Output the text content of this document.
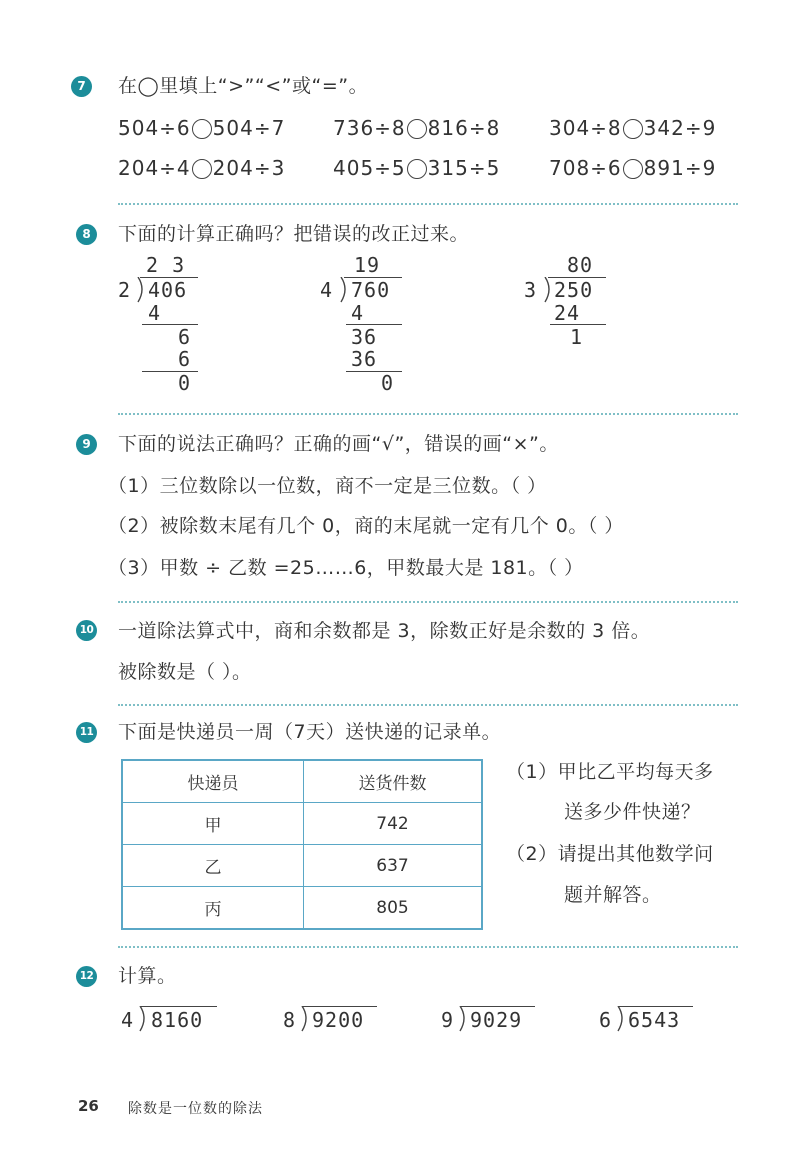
7	在◯里填上“>”“<”或“=”。
504÷6 504÷7 736÷8 816÷8 304÷8 342÷9
204÷4 204÷3 405÷5 315÷5 708÷6 891÷9
8	下面的计算正确吗？把错误的改正过来。
2 3
2 406
4
6
6
0
19
4 760
4
36
36
0
80
3 250
24
1
9	下面的说法正确吗？正确的画“√”，错误的画“×”。
（1）三位数除以一位数，商不一定是三位数。（ ）
（2）被除数末尾有几个 0，商的末尾就一定有几个 0。（ ）
（3）甲数 ÷ 乙数 =25……6，甲数最大是 181。（ ）
10 一道除法算式中，商和余数都是 3，除数正好是余数的 3 倍。
被除数是（ ）。
11 下面是快递员一周（7天）送快递的记录单。
快递员	送货件数
甲	742
乙	637
丙	805
（1）甲比乙平均每天多
送多少件快递？
（2）请提出其他数学问
题并解答。
12 计算。
4 8160	8 9200	9 9029	6 6543
26 除数是一位数的除法
